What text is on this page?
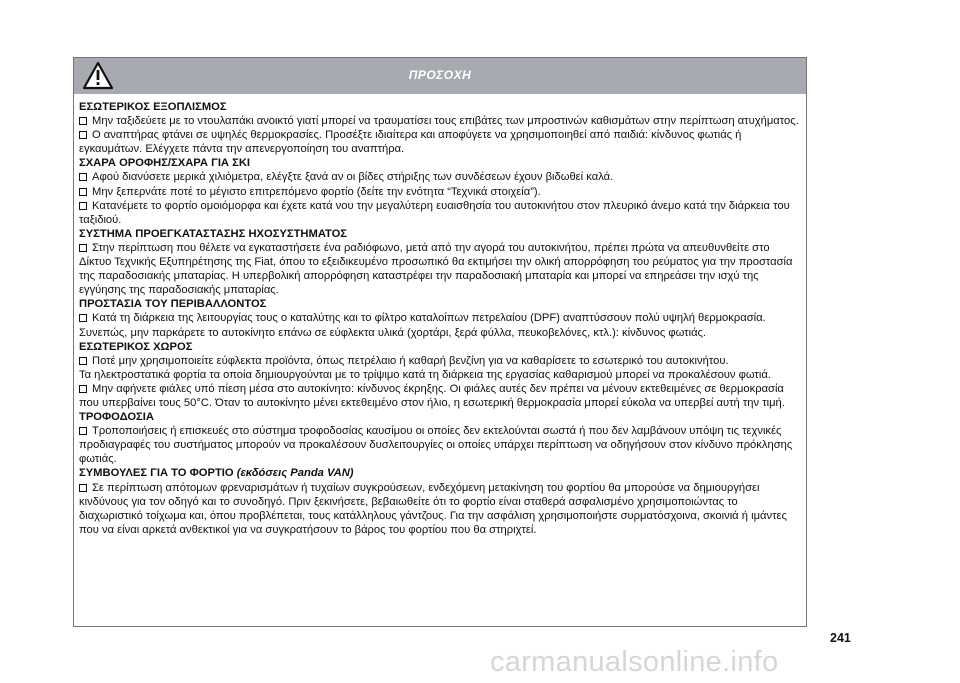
ΠΡΟΣΟΧΗ
ΕΣΩΤΕΡΙΚΟΣ ΕΞΟΠΛΙΣΜΟΣ
Μην ταξιδεύετε με το ντουλαπάκι ανοικτό γιατί μπορεί να τραυματίσει τους επιβάτες των μπροστινών καθισμάτων στην περίπτωση ατυχήματος.
Ο αναπτήρας φτάνει σε υψηλές θερμοκρασίες. Προσέξτε ιδιαίτερα και αποφύγετε να χρησιμοποιηθεί από παιδιά: κίνδυνος φωτιάς ή εγκαυμάτων. Ελέγχετε πάντα την απενεργοποίηση του αναπτήρα.
ΣΧΑΡΑ ΟΡΟΦΗΣ/ΣΧΑΡΑ ΓΙΑ ΣΚΙ
Αφού διανύσετε μερικά χιλιόμετρα, ελέγξτε ξανά αν οι βίδες στήριξης των συνδέσεων έχουν βιδωθεί καλά.
Μην ξεπερνάτε ποτέ το μέγιστο επιτρεπόμενο φορτίο (δείτε την ενότητα “Τεχνικά στοιχεία”).
Κατανέμετε το φορτίο ομοιόμορφα και έχετε κατά νου την μεγαλύτερη ευαισθησία του αυτοκινήτου στον πλευρικό άνεμο κατά την διάρκεια του ταξιδιού.
ΣΥΣΤΗΜΑ ΠΡΟΕΓΚΑΤΑΣΤΑΣΗΣ ΗΧΟΣΥΣΤΗΜΑΤΟΣ
Στην περίπτωση που θέλετε να εγκαταστήσετε ένα ραδιόφωνο, μετά από την αγορά του αυτοκινήτου, πρέπει πρώτα να απευθυνθείτε στο Δίκτυο Τεχνικής Εξυπηρέτησης της Fiat, όπου το εξειδικευμένο προσωπικό θα εκτιμήσει την ολική απορρόφηση του ρεύματος για την προστασία της παραδοσιακής μπαταρίας. Η υπερβολική απορρόφηση καταστρέφει την παραδοσιακή μπαταρία και μπορεί να επηρεάσει την ισχύ της εγγύησης της παραδοσιακής μπαταρίας.
ΠΡΟΣΤΑΣΙΑ ΤΟΥ ΠΕΡΙΒΑΛΛΟΝΤΟΣ
Κατά τη διάρκεια της λειτουργίας τους ο καταλύτης και το φίλτρο καταλοίπων πετρελαίου (DPF) αναπτύσσουν πολύ υψηλή θερμοκρασία. Συνεπώς, μην παρκάρετε το αυτοκίνητο επάνω σε εύφλεκτα υλικά (χορτάρι, ξερά φύλλα, πευκοβελόνες, κτλ.): κίνδυνος φωτιάς.
ΕΣΩΤΕΡΙΚΟΣ ΧΩΡΟΣ
Ποτέ μην χρησιμοποιείτε εύφλεκτα προϊόντα, όπως πετρέλαιο ή καθαρή βενζίνη για να καθαρίσετε το εσωτερικό του αυτοκινήτου.
Τα ηλεκτροστατικά φορτία τα οποία δημιουργούνται με το τρίψιμο κατά τη διάρκεια της εργασίας καθαρισμού μπορεί να προκαλέσουν φωτιά.
Μην αφήνετε φιάλες υπό πίεση μέσα στο αυτοκίνητο: κίνδυνος έκρηξης. Οι φιάλες αυτές δεν πρέπει να μένουν εκτεθειμένες σε θερμοκρασία που υπερβαίνει τους 50°C. Όταν το αυτοκίνητο μένει εκτεθειμένο στον ήλιο, η εσωτερική θερμοκρασία μπορεί εύκολα να υπερβεί αυτή την τιμή.
ΤΡΟΦΟΔΟΣΙΑ
Τροποποιήσεις ή επισκευές στο σύστημα τροφοδοσίας καυσίμου οι οποίες δεν εκτελούνται σωστά ή που δεν λαμβάνουν υπόψη τις τεχνικές προδιαγραφές του συστήματος μπορούν να προκαλέσουν δυσλειτουργίες οι οποίες υπάρχει περίπτωση να οδηγήσουν στον κίνδυνο πρόκλησης φωτιάς.
ΣΥΜΒΟΥΛΕΣ ΓΙΑ ΤΟ ΦΟΡΤΙΟ (εκδόσεις Panda VAN)
Σε περίπτωση απότομων φρεναρισμάτων ή τυχαίων συγκρούσεων, ενδεχόμενη μετακίνηση του φορτίου θα μπορούσε να δημιουργήσει κινδύνους για τον οδηγό και το συνοδηγό. Πριν ξεκινήσετε, βεβαιωθείτε ότι το φορτίο είναι σταθερά ασφαλισμένο χρησιμοποιώντας το διαχωριστικό τοίχωμα και, όπου προβλέπεται, τους κατάλληλους γάντζους. Για την ασφάλιση χρησιμοποιήστε συρματόσχοινα, σκοινιά ή ιμάντες που να είναι αρκετά ανθεκτικοί για να συγκρατήσουν το βάρος του φορτίου που θα στηριχτεί.
241
carmanualsonline.info
